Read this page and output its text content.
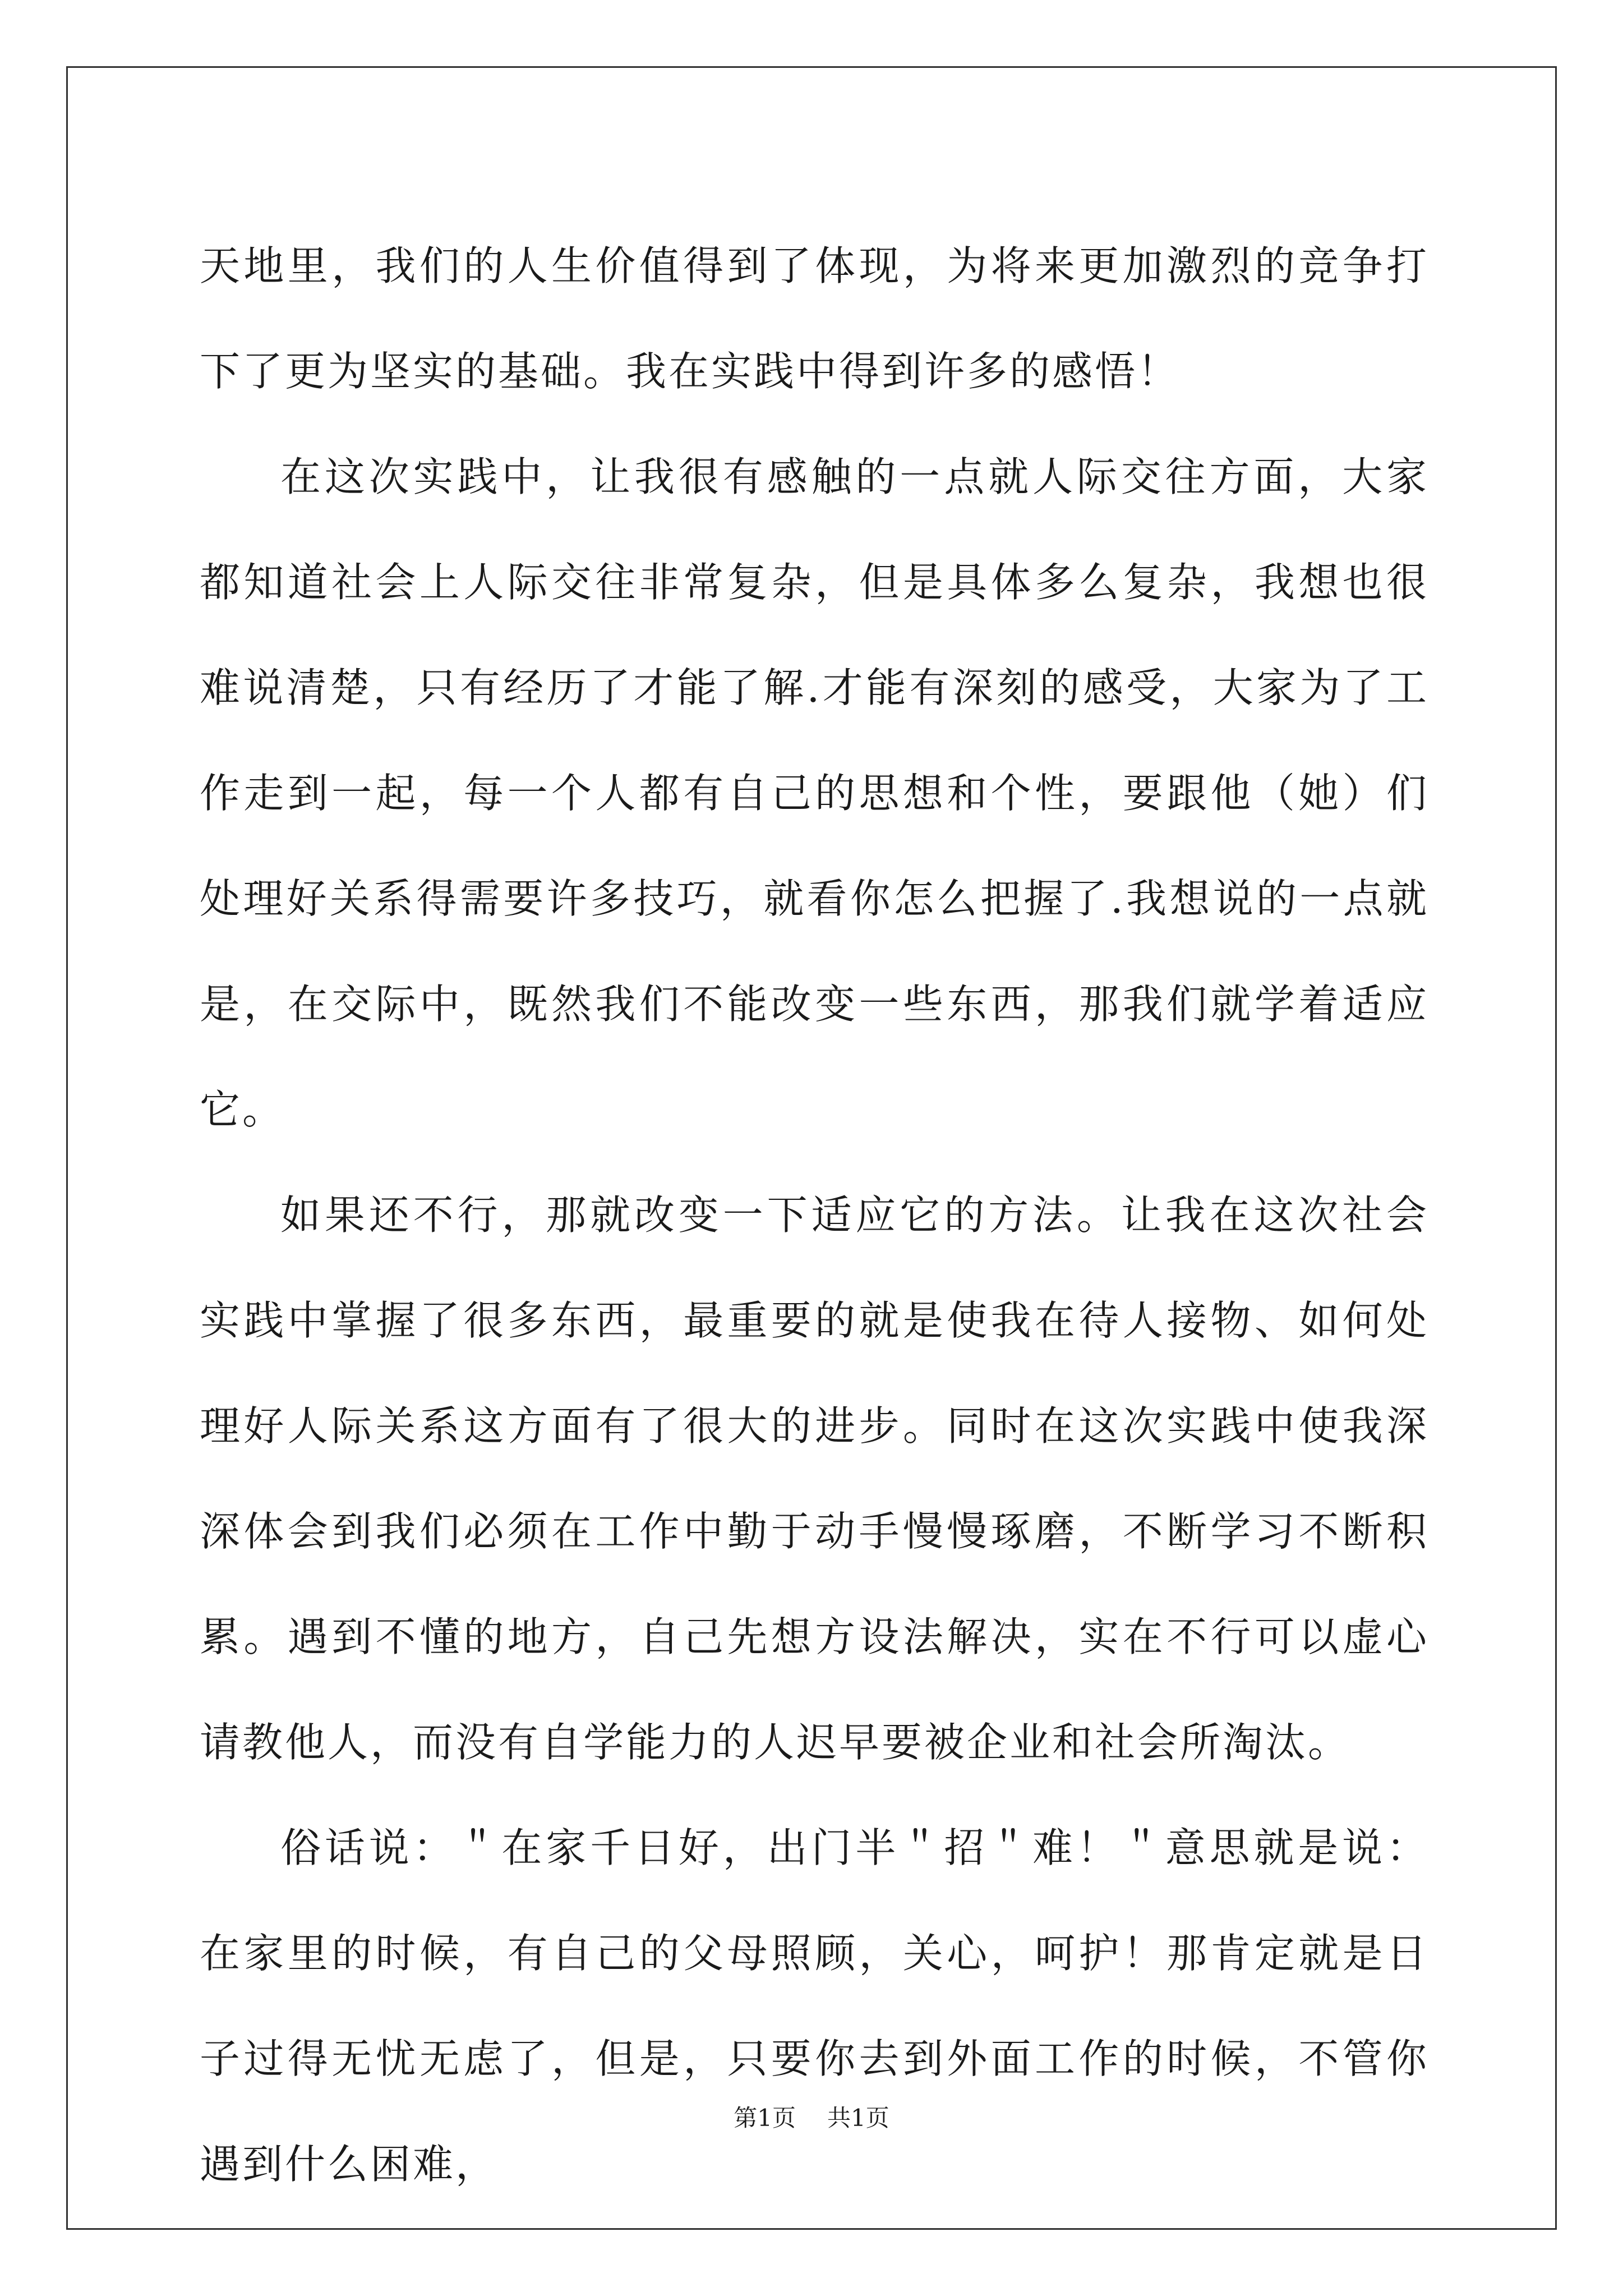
天地里，我们的人生价值得到了体现，为将来更加激烈的竞争打下了更为坚实的基础。我在实践中得到许多的感悟！

在这次实践中，让我很有感触的一点就人际交往方面，大家都知道社会上人际交往非常复杂，但是具体多么复杂，我想也很难说清楚，只有经历了才能了解.才能有深刻的感受，大家为了工作走到一起，每一个人都有自己的思想和个性，要跟他（她）们处理好关系得需要许多技巧，就看你怎么把握了.我想说的一点就是，在交际中，既然我们不能改变一些东西，那我们就学着适应它。

如果还不行，那就改变一下适应它的方法。让我在这次社会实践中掌握了很多东西，最重要的就是使我在待人接物、如何处理好人际关系这方面有了很大的进步。同时在这次实践中使我深深体会到我们必须在工作中勤于动手慢慢琢磨，不断学习不断积累。遇到不懂的地方，自己先想方设法解决，实在不行可以虚心请教他人，而没有自学能力的人迟早要被企业和社会所淘汰。

俗话说：＂在家千日好，出门半＂招＂难！＂意思就是说：在家里的时候，有自己的父母照顾，关心，呵护！那肯定就是日子过得无忧无虑了，但是，只要你去到外面工作的时候，不管你遇到什么困难，

第1页 共1页
